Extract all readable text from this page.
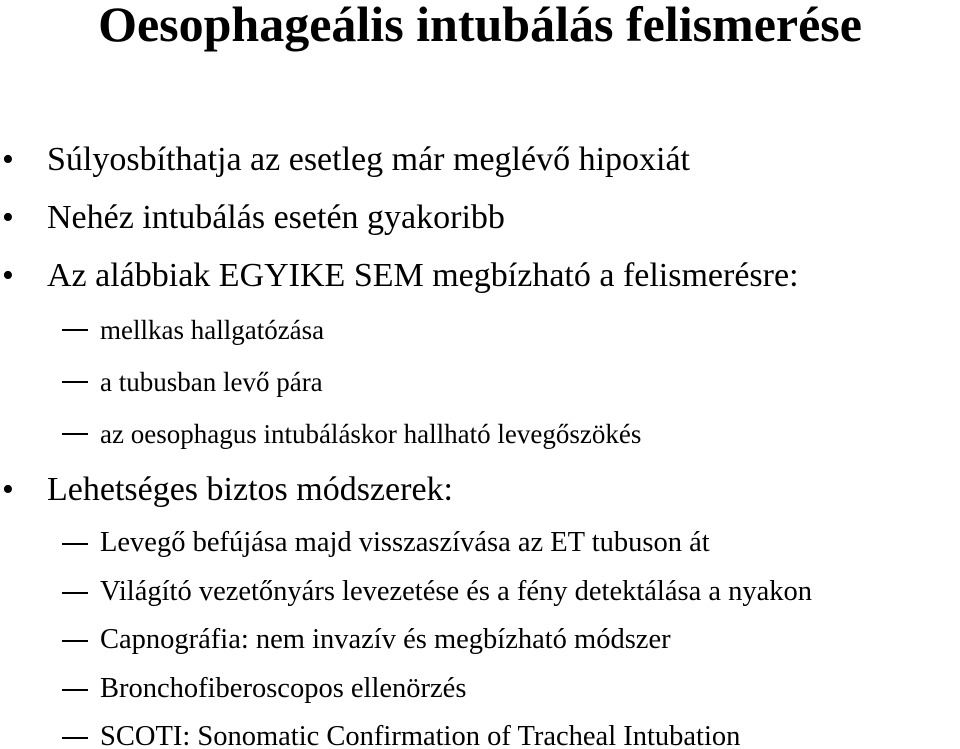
Oesophageális intubálás felismerése
• Súlyosbíthatja az esetleg már meglévő hipoxiát
• Nehéz intubálás esetén gyakoribb
• Az alábbiak EGYIKE SEM megbízható a felismerésre:
mellkas hallgatózása
a tubusban levő pára
az oesophagus intubáláskor hallható levegőszökés
• Lehetséges biztos módszerek:
Levegő befújása majd visszaszívása az ET tubuson át
Világító vezetőnyárs levezetése és a fény detektálása a nyakon
Capnográfia: nem invazív és megbízható módszer
Bronchofiberoscopos ellenörzés
SCOTI: Sonomatic Confirmation of Tracheal Intubation
